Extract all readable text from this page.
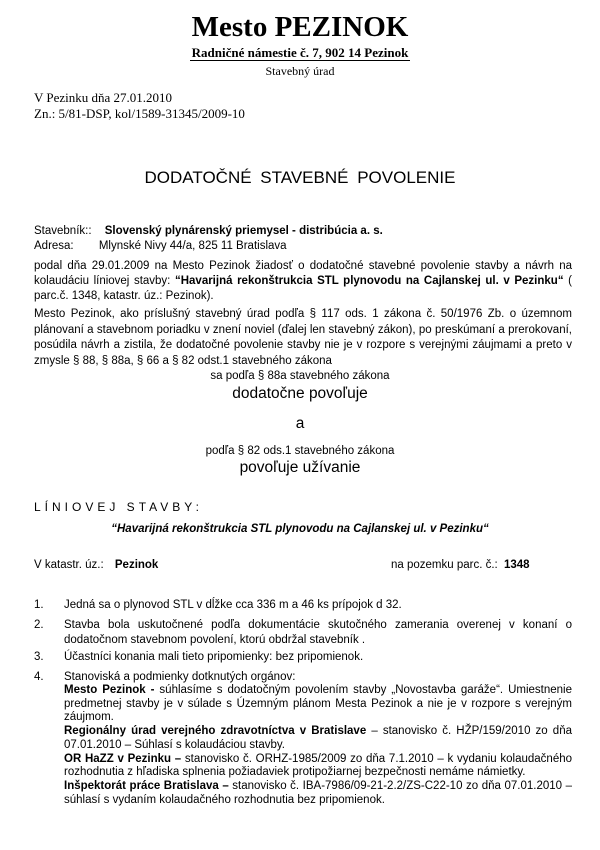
Mesto PEZINOK
Radničné námestie č. 7, 902 14 Pezinok
Stavebný úrad
V Pezinku dňa 27.01.2010
Zn.: 5/81-DSP, kol/1589-31345/2009-10
DODATOČNÉ STAVEBNÉ POVOLENIE
Stavebník:: Slovenský plynárenský priemysel - distribúcia a. s.
Adresa: Mlynské Nivy 44/a, 825 11 Bratislava
podal dňa 29.01.2009 na Mesto Pezinok žiadosť o dodatočné stavebné povolenie stavby a návrh na kolaudáciu líniovej stavby: “Havarijná rekonštrukcia STL plynovodu na Cajlanskej ul. v Pezinku“ ( parc.č. 1348, katastr. úz.: Pezinok).
Mesto Pezinok, ako príslušný stavebný úrad podľa § 117 ods. 1 zákona č. 50/1976 Zb. o územnom plánovaní a stavebnom poriadku v znení noviel (ďalej len stavebný zákon), po preskúmaní a prerokovaní, posúdila návrh a zistila, že dodatočné povolenie stavby nie je v rozpore s verejnými záujmami a preto v zmysle § 88, § 88a, § 66 a § 82 odst.1 stavebného zákona
sa podľa § 88a stavebného zákona
dodatočne povoľuje
a
podľa § 82 ods.1 stavebného zákona
povoľuje užívanie
LÍNIOVEJ STAVBY:
“Havarijná rekonštrukcia STL plynovodu na Cajlanskej ul. v Pezinku“
V katastr. úz.: Pezinok	na pozemku parc. č.: 1348
1. Jedná sa o plynovod STL v dĺžke cca 336 m a 46 ks prípojok d 32.
2. Stavba bola uskutočnené podľa dokumentácie skutočného zamerania overenej v konaní o dodatočnom stavebnom povolení, ktorú obdržal stavebník .
3. Účastníci konania mali tieto pripomienky: bez pripomienok.
4. Stanoviská a podmienky dotknutých orgánov:
Mesto Pezinok - súhlasíme s dodatočným povolením stavby „Novostavba garáže“. Umiestnenie predmetnej stavby je v súlade s Územným plánom Mesta Pezinok a nie je v rozpore s verejným záujmom.
Regionálny úrad verejného zdravotníctva v Bratislave – stanovisko č. HŽP/159/2010 zo dňa 07.01.2010 – Súhlasí s kolaudáciou stavby.
OR HaZZ v Pezinku – stanovisko č. ORHZ-1985/2009 zo dňa 7.1.2010 – k vydaniu kolaudačného rozhodnutia z hľadiska splnenia požiadaviek protipožiarnej bezpečnosti nemáme námietky.
Inšpektorát práce Bratislava – stanovisko č. IBA-7986/09-21-2.2/ZS-C22-10 zo dňa 07.01.2010 – súhlasí s vydaním kolaudačného rozhodnutia bez pripomienok.
